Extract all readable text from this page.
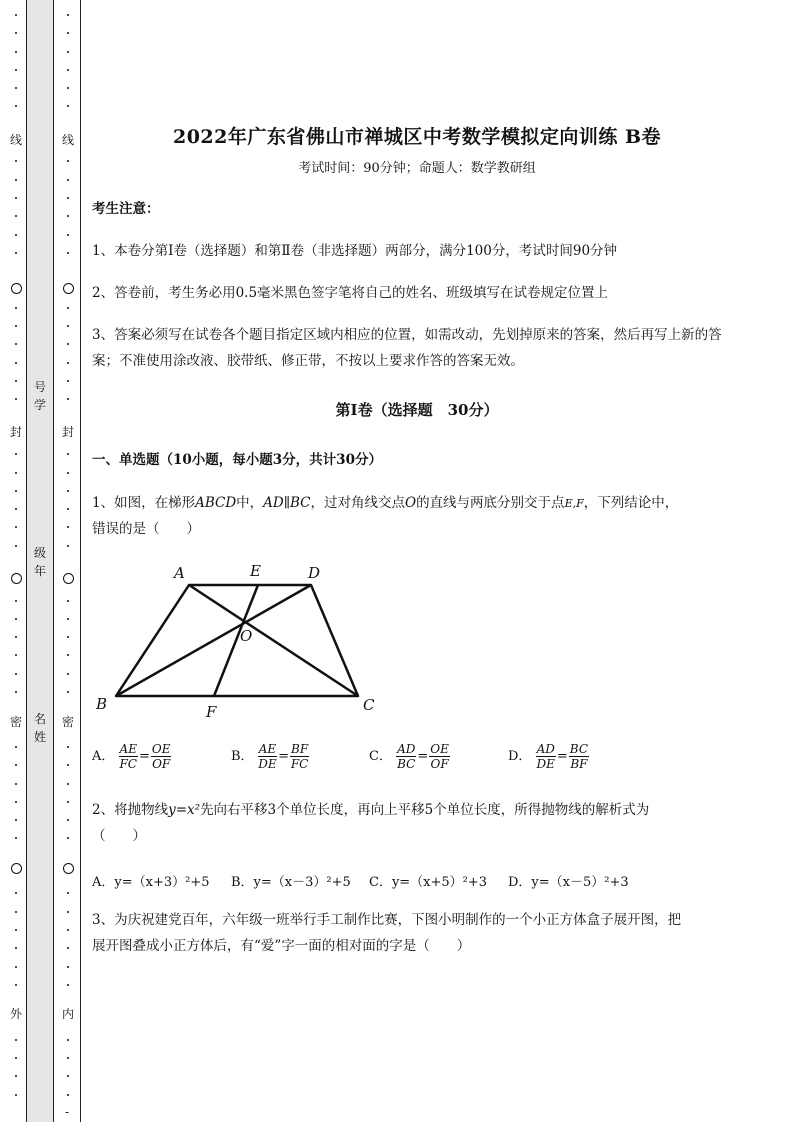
线
封
密
外
号学
级年
名姓
线
封
密
内
-
2022年广东省佛山市禅城区中考数学模拟定向训练 B卷
考试时间：90分钟；命题人：数学教研组
考生注意：
1、本卷分第I卷（选择题）和第Ⅱ卷（非选择题）两部分，满分100分，考试时间90分钟
2、答卷前，考生务必用0.5毫米黑色签字笔将自己的姓名、班级填写在试卷规定位置上
3、答案必须写在试卷各个题目指定区域内相应的位置，如需改动，先划掉原来的答案，然后再写上新的答案；不准使用涂改液、胶带纸、修正带，不按以上要求作答的答案无效。
第I卷（选择题　30分）
一、单选题（10小题，每小题3分，共计30分）
1、如图，在梯形ABCD中，AD∥BC，过对角线交点O的直线与两底分别交于点E,F，下列结论中，
错误的是（　　）
A	E	D
O
B	F	C
A． $\frac{AE}{FC} = \frac{OE}{OF}$	B． $\frac{AE}{DE} = \frac{BF}{FC}$	C． $\frac{AD}{BC} = \frac{OE}{OF}$	D． $\frac{AD}{DE} = \frac{BC}{BF}$
2、将抛物线y=x²先向右平移3个单位长度，再向上平移5个单位长度，所得抛物线的解析式为
（　　）
A．y=（x+3）²+5 B．y=（x－3）²+5 C．y=（x+5）²+3 D．y=（x－5）²+3
3、为庆祝建党百年，六年级一班举行手工制作比赛，下图小明制作的一个小正方体盒子展开图，把
展开图叠成小正方体后，有“爱”字一面的相对面的字是（　　）
